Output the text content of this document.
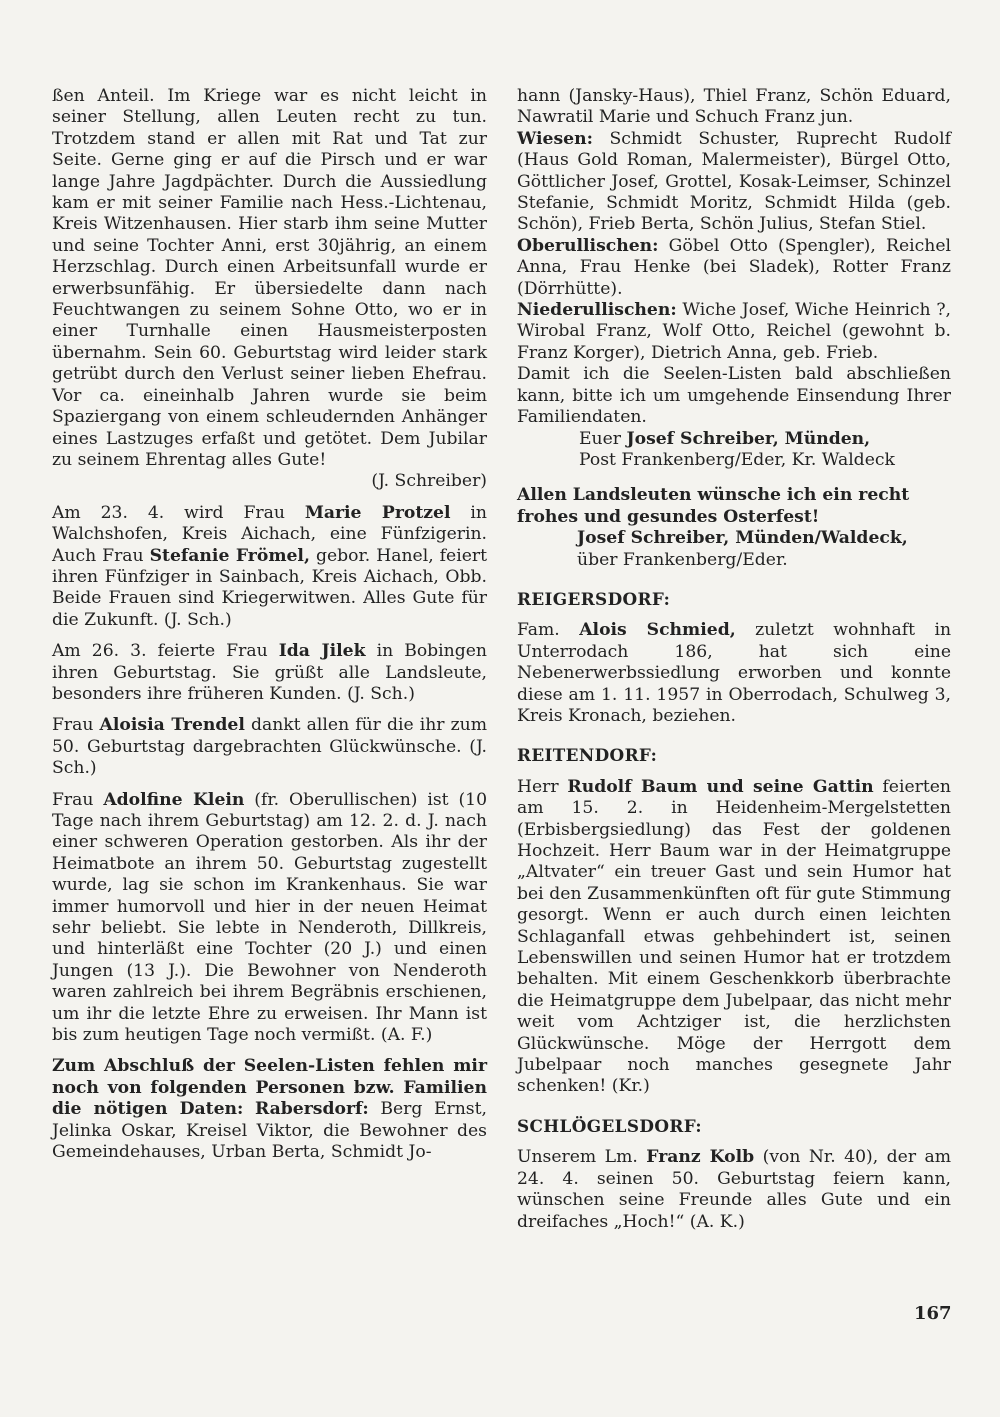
ßen Anteil. Im Kriege war es nicht leicht in seiner Stellung, allen Leuten recht zu tun. Trotzdem stand er allen mit Rat und Tat zur Seite. Gerne ging er auf die Pirsch und er war lange Jahre Jagdpächter. Durch die Aussiedlung kam er mit seiner Familie nach Hess.-Lichtenau, Kreis Witzenhausen. Hier starb ihm seine Mutter und seine Tochter Anni, erst 30jährig, an einem Herzschlag. Durch einen Arbeitsunfall wurde er erwerbsunfähig. Er übersiedelte dann nach Feuchtwangen zu seinem Sohne Otto, wo er in einer Turnhalle einen Hausmeisterposten übernahm. Sein 60. Geburtstag wird leider stark getrübt durch den Verlust seiner lieben Ehefrau. Vor ca. eineinhalb Jahren wurde sie beim Spaziergang von einem schleudernden Anhänger eines Lastzuges erfaßt und getötet. Dem Jubilar zu seinem Ehrentag alles Gute!

(J. Schreiber)

Am 23. 4. wird Frau Marie Protzel in Walchshofen, Kreis Aichach, eine Fünfzigerin. Auch Frau Stefanie Frömel, gebor. Hanel, feiert ihren Fünfziger in Sainbach, Kreis Aichach, Obb. Beide Frauen sind Kriegerwitwen. Alles Gute für die Zukunft. (J. Sch.)

Am 26. 3. feierte Frau Ida Jilek in Bobingen ihren Geburtstag. Sie grüßt alle Landsleute, besonders ihre früheren Kunden. (J. Sch.)

Frau Aloisia Trendel dankt allen für die ihr zum 50. Geburtstag dargebrachten Glückwünsche. (J. Sch.)

Frau Adolfine Klein (fr. Oberullischen) ist (10 Tage nach ihrem Geburtstag) am 12. 2. d. J. nach einer schweren Operation gestorben. Als ihr der Heimatbote an ihrem 50. Geburtstag zugestellt wurde, lag sie schon im Krankenhaus. Sie war immer humorvoll und hier in der neuen Heimat sehr beliebt. Sie lebte in Nenderoth, Dillkreis, und hinterläßt eine Tochter (20 J.) und einen Jungen (13 J.). Die Bewohner von Nenderoth waren zahlreich bei ihrem Begräbnis erschienen, um ihr die letzte Ehre zu erweisen. Ihr Mann ist bis zum heutigen Tage noch vermißt. (A. F.)

Zum Abschluß der Seelen-Listen fehlen mir noch von folgenden Personen bzw. Familien die nötigen Daten: Rabersdorf: Berg Ernst, Jelinka Oskar, Kreisel Viktor, die Bewohner des Gemeindehauses, Urban Berta, Schmidt Jo-

hann (Jansky-Haus), Thiel Franz, Schön Eduard, Nawratil Marie und Schuch Franz jun.

Wiesen: Schmidt Schuster, Ruprecht Rudolf (Haus Gold Roman, Malermeister), Bürgel Otto, Göttlicher Josef, Grottel, Kosak-Leimser, Schinzel Stefanie, Schmidt Moritz, Schmidt Hilda (geb. Schön), Frieb Berta, Schön Julius, Stefan Stiel.

Oberullischen: Göbel Otto (Spengler), Reichel Anna, Frau Henke (bei Sladek), Rotter Franz (Dörrhütte).

Niederullischen: Wiche Josef, Wiche Heinrich ?, Wirobal Franz, Wolf Otto, Reichel (gewohnt b. Franz Korger), Dietrich Anna, geb. Frieb.

Damit ich die Seelen-Listen bald abschließen kann, bitte ich um umgehende Einsendung Ihrer Familiendaten.

Euer Josef Schreiber, Münden,
Post Frankenberg/Eder, Kr. Waldeck

Allen Landsleuten wünsche ich ein recht frohes und gesundes Osterfest!

Josef Schreiber, Münden/Waldeck,
über Frankenberg/Eder.
REIGERSDORF:

Fam. Alois Schmied, zuletzt wohnhaft in Unterrodach 186, hat sich eine Nebenerwerbssiedlung erworben und konnte diese am 1. 11. 1957 in Oberrodach, Schulweg 3, Kreis Kronach, beziehen.

REITENDORF:

Herr Rudolf Baum und seine Gattin feierten am 15. 2. in Heidenheim-Mergelstetten (Erbisbergsiedlung) das Fest der goldenen Hochzeit. Herr Baum war in der Heimatgruppe „Altvater“ ein treuer Gast und sein Humor hat bei den Zusammenkünften oft für gute Stimmung gesorgt. Wenn er auch durch einen leichten Schlaganfall etwas gehbehindert ist, seinen Lebenswillen und seinen Humor hat er trotzdem behalten. Mit einem Geschenkkorb überbrachte die Heimatgruppe dem Jubelpaar, das nicht mehr weit vom Achtziger ist, die herzlichsten Glückwünsche. Möge der Herrgott dem Jubelpaar noch manches gesegnete Jahr schenken! (Kr.)

SCHLÖGELSDORF:

Unserem Lm. Franz Kolb (von Nr. 40), der am 24. 4. seinen 50. Geburtstag feiern kann, wünschen seine Freunde alles Gute und ein dreifaches „Hoch!“ (A. K.)

167
